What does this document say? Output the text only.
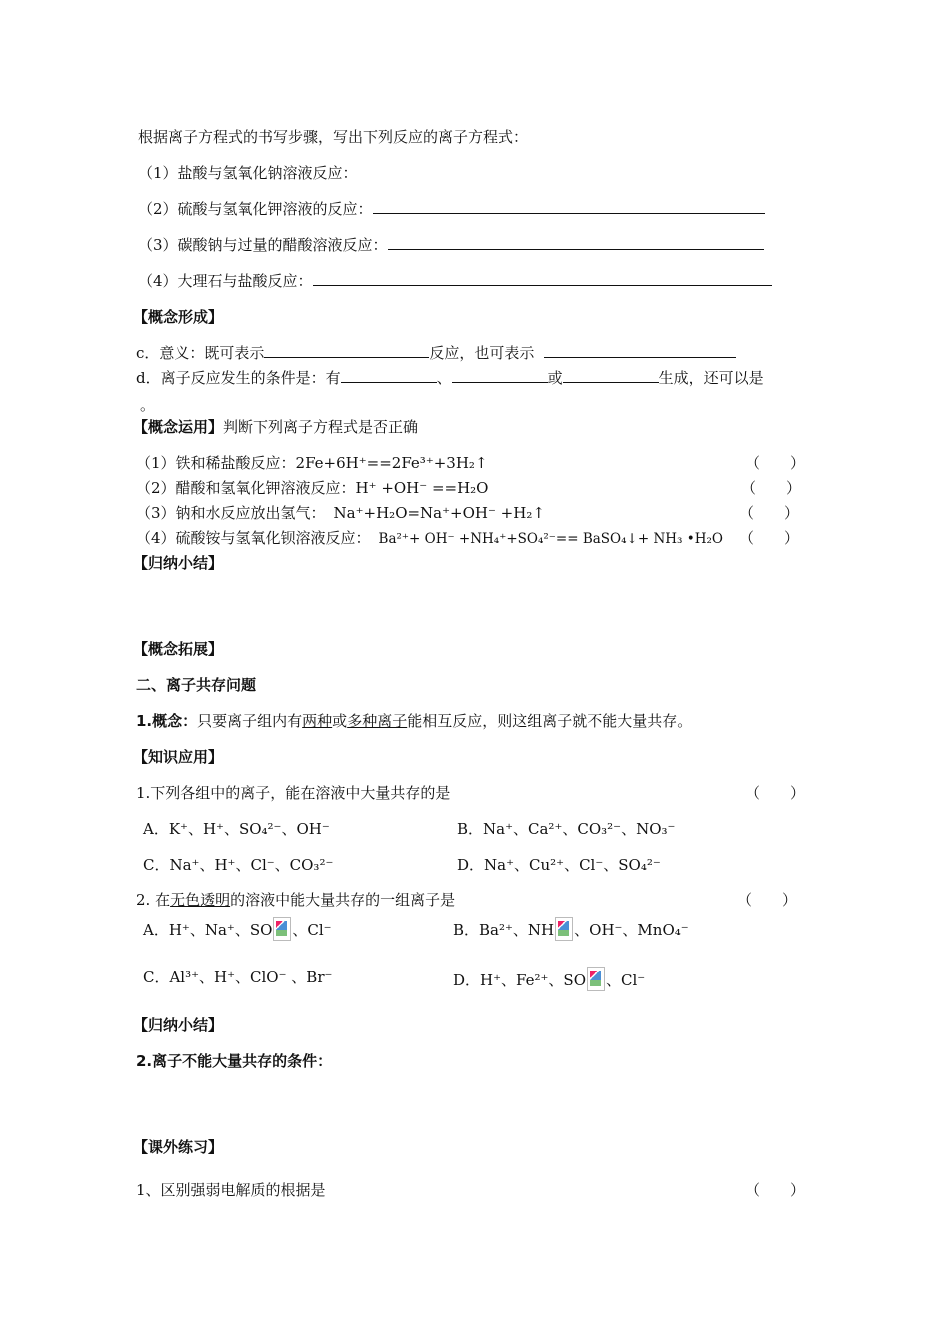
根据离子方程式的书写步骤，写出下列反应的离子方程式：
（1）盐酸与氢氧化钠溶液反应：
（2）硫酸与氢氧化钾溶液的反应：
（3）碳酸钠与过量的醋酸溶液反应：
（4）大理石与盐酸反应：
【概念形成】
c．意义：既可表示	反应，也可表示
d．离子反应发生的条件是：有	、	或	生成，还可以是
。
【概念运用】判断下列离子方程式是否正确
（1）铁和稀盐酸反应：2Fe+6H⁺==2Fe³⁺+3H₂↑	（　　）
（2）醋酸和氢氧化钾溶液反应：H⁺ +OH⁻ ==H₂O	（　　）
（3）钠和水反应放出氢气： Na⁺+H₂O=Na⁺+OH⁻ +H₂↑	（　　）
（4）硫酸铵与氢氧化钡溶液反应： Ba²⁺+ OH⁻ +NH₄⁺+SO₄²⁻== BaSO₄↓+ NH₃ •H₂O （　　）
【归纳小结】
【概念拓展】
二、离子共存问题
1.概念：只要离子组内有两种或多种离子能相互反应，则这组离子就不能大量共存。
【知识应用】
1.下列各组中的离子，能在溶液中大量共存的是	（　　）
A．K⁺、H⁺、SO₄²⁻、OH⁻	B．Na⁺、Ca²⁺、CO₃²⁻、NO₃⁻
C．Na⁺、H⁺、Cl⁻、CO₃²⁻	D．Na⁺、Cu²⁺、Cl⁻、SO₄²⁻
2. 在无色透明的溶液中能大量共存的一组离子是	（　　）
A．H⁺、Na⁺、SO 、Cl⁻	B．Ba²⁺、NH 、OH⁻、MnO₄⁻
C．Al³⁺、H⁺、ClO⁻ 、Br⁻	D．H⁺、Fe²⁺、SO 、Cl⁻
【归纳小结】
2.离子不能大量共存的条件：
【课外练习】
1、区别强弱电解质的根据是	（　　）
